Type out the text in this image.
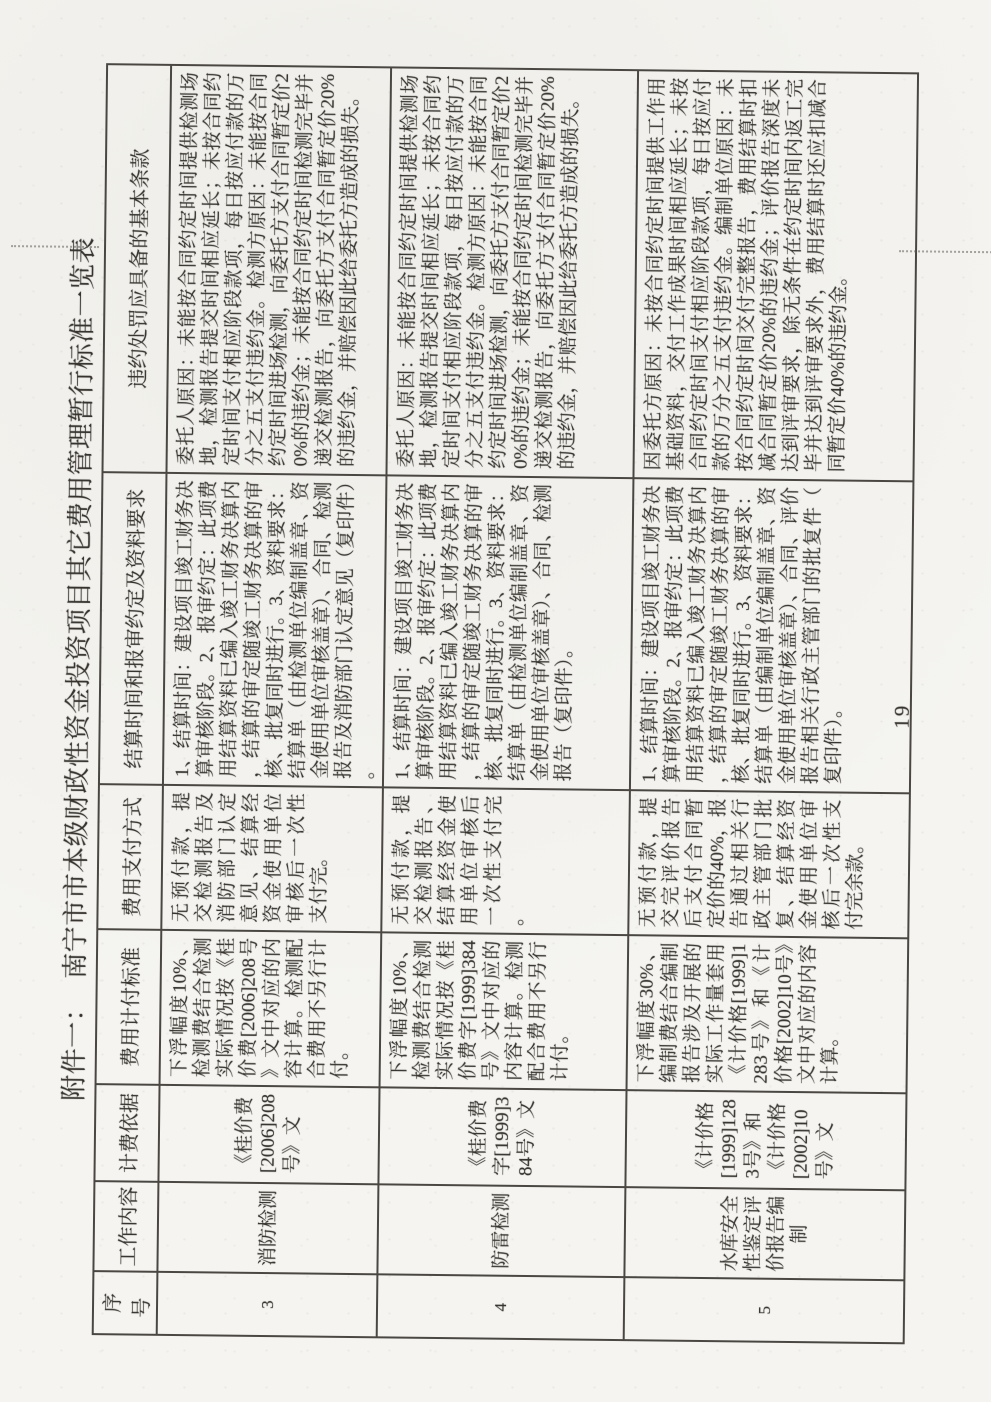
附件一：南宁市市本级财政性资金投资项目其它费用管理暂行标准一览表
序号	工作内容	计费依据	费用计付标准	费用支付方式	结算时间和报审约定及资料要求	违约处罚应具备的基本条款
3	消防检测	《桂价费[2006]208号》文	下浮幅度10%、检测费结合检测实际情况按《桂价费[2006]208号》文中对应的内容计算。检测配合费用不另行计付。	无预付款，提交检测报告及消防部门认定意见、结算经资金使用单位审核后一次性支付完。	1、结算时间：建设项目竣工财务决算审核阶段。2、报审约定：此项费用结算资料已编入竣工财务决算内，结算的审定随竣工财务决算的审核、批复同时进行。3、资料要求：结算单（由检测单位编制盖章、资金使用单位审核盖章）、合同、检测报告及消防部门认定意见（复印件）。	委托人原因：未能按合同约定时间提供检测场地，检测报告提交时间相应延长；未按合同约定时间支付相应阶段款项，每日按应付款的万分之五支付违约金。检测方原因：未能按合同约定时间进场检测，向委托方支付合同暂定价20%的违约金；未能按合同约定时间检测完毕并递交检测报告，向委托方支付合同暂定价20%的违约金，并赔偿因此给委托方造成的损失。
4	防雷检测	《桂价费字[1999]384号》文	下浮幅度10%、检测费结合检测实际情况按《桂价费字[1999]384号》文中对应的内容计算。检测配合费用不另行计付。	无预付款，提交检测报告、结算经资金使用单位审核后一次性支付完。	1、结算时间：建设项目竣工财务决算审核阶段。2、报审约定：此项费用结算资料已编入竣工财务决算内，结算的审定随竣工财务决算的审核、批复同时进行。3、资料要求：结算单（由检测单位编制盖章、资金使用单位审核盖章）、合同、检测报告（复印件）。	委托人原因：未能按合同约定时间提供检测场地，检测报告提交时间相应延长；未按合同约定时间支付相应阶段款项，每日按应付款的万分之五支付违约金。检测方原因：未能按合同约定时间进场检测，向委托方支付合同暂定价20%的违约金；未能按合同约定时间检测完毕并递交检测报告，向委托方支付合同暂定价20%的违约金，并赔偿因此给委托方造成的损失。
5	水库安全性鉴定评价报告编制	《计价格[1999]1283号》和《计价格[2002]10号》文	下浮幅度30%、编制费结合编制报告涉及开展的实际工作量套用《计价格[1999]1283号》和《计价格[2002]10号》文中对应的内容计算。	无预付款，提交完评价报告后支付合同暂定价的40%，报告通过相关行政主管部门批复、结算经资金使用单位审核后一次性支付完余款。	1、结算时间：建设项目竣工财务决算审核阶段。2、报审约定：此项费用结算资料已编入竣工财务决算内，结算的审定随竣工财务决算的审核、批复同时进行。3、资料要求：结算单（由编制单位编制盖章、资金使用单位审核盖章）、合同、评价报告相关行政主管部门的批复件（复印件）。	因委托方原因：未按合同约定时间提供工作用基础资料，交付工作成果时间相应延长；未按合同约定时间支付相应阶段款项，每日按应付款的万分之五支付违约金。编制单位原因：未按合同约定时间交付完整报告，费用结算时扣减合同暂定价20%的违约金；评价报告深度未达到评审要求，除无条件在约定时间内返工完毕并达到评审要求外，费用结算时还应扣减合同暂定价40%的违约金。
19
